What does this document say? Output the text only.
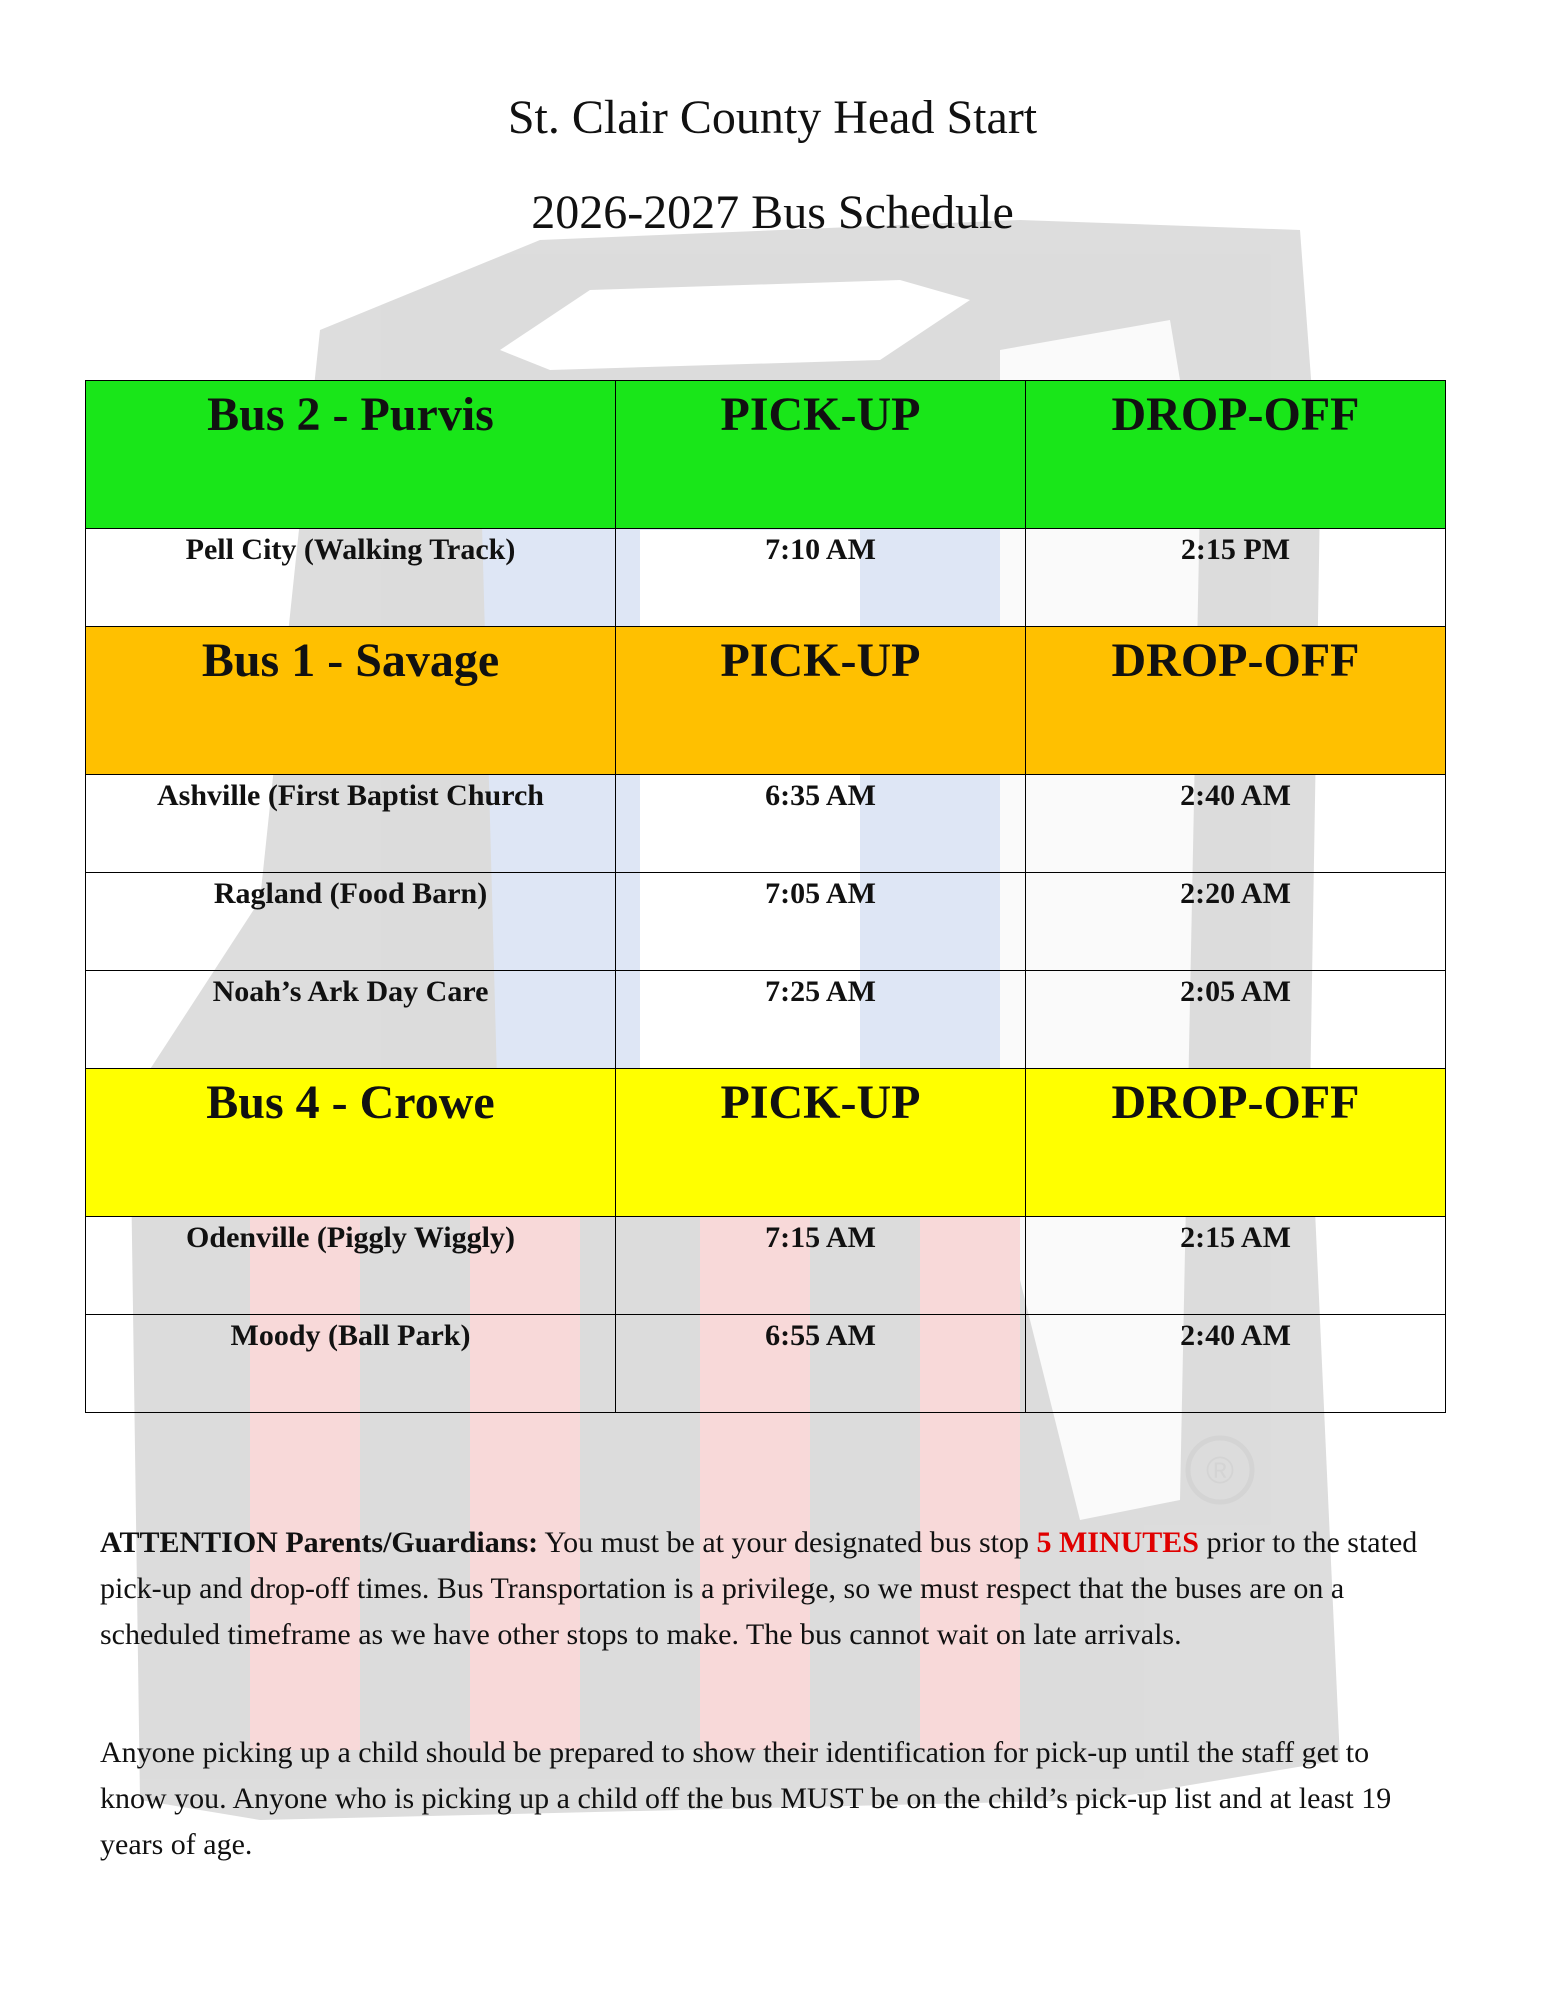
®
St. Clair County Head Start
2026-2027 Bus Schedule
Bus 2 - Purvis	PICK-UP	DROP-OFF

Pell City (Walking Track)	7:10 AM	2:15 PM

Bus 1 - Savage	PICK-UP	DROP-OFF

Ashville (First Baptist Church	6:35 AM	2:40 AM

Ragland (Food Barn)	7:05 AM	2:20 AM

Noah’s Ark Day Care	7:25 AM	2:05 AM

Bus 4 - Crowe	PICK-UP	DROP-OFF

Odenville (Piggly Wiggly)	7:15 AM	2:15 AM

Moody (Ball Park)	6:55 AM	2:40 AM

ATTENTION Parents/Guardians: You must be at your designated bus stop 5 MINUTES prior to the stated pick-up and drop-off times. Bus Transportation is a privilege, so we must respect that the buses are on a scheduled timeframe as we have other stops to make. The bus cannot wait on late arrivals.

Anyone picking up a child should be prepared to show their identification for pick-up until the staff get to know you. Anyone who is picking up a child off the bus MUST be on the child’s pick-up list and at least 19 years of age.
